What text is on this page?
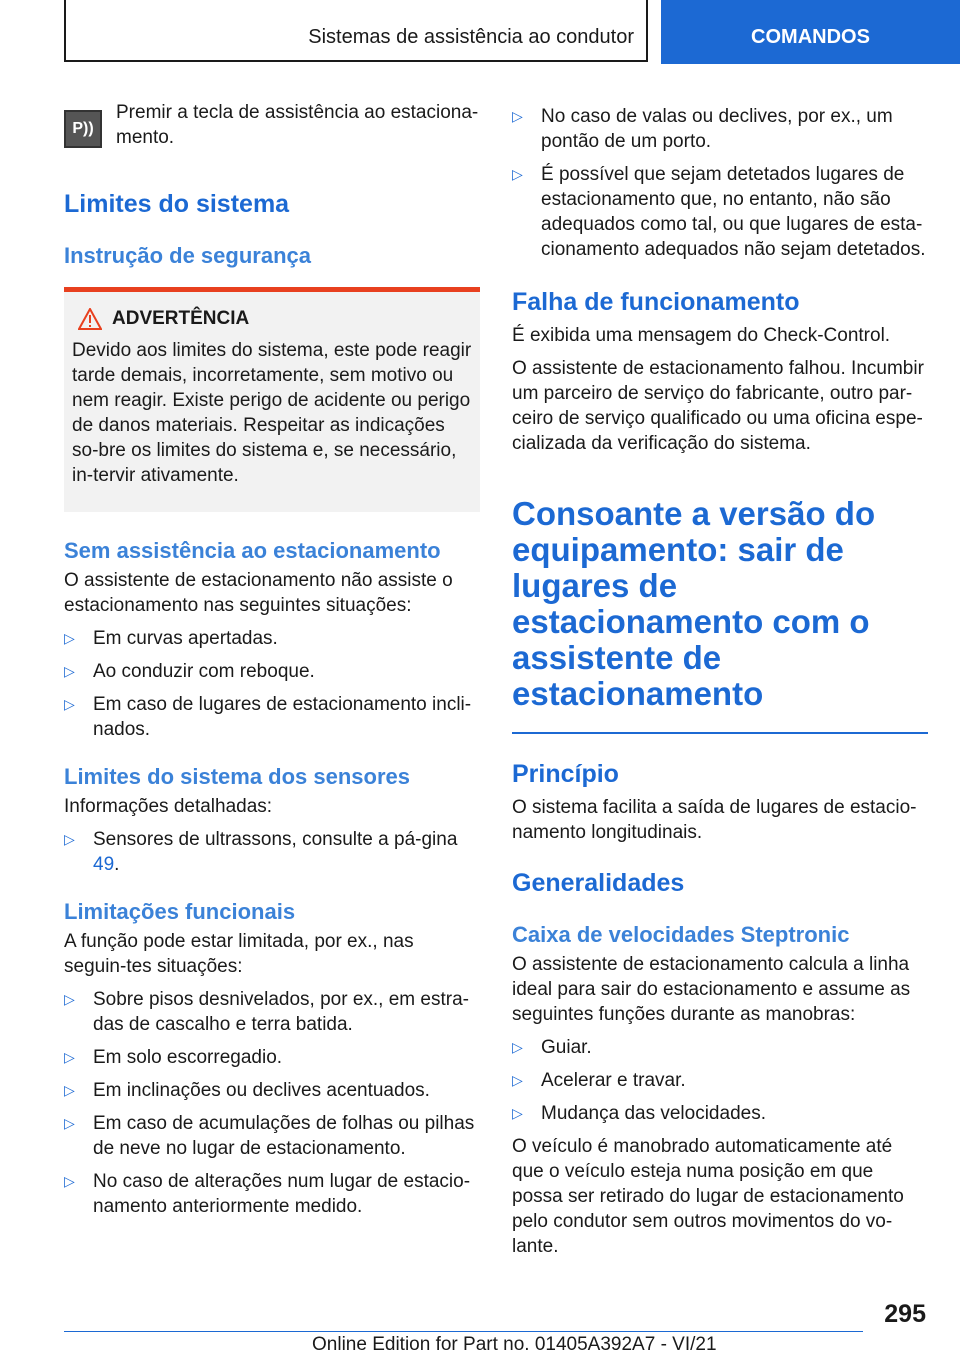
Sistemas de assistência ao condutor	COMANDOS
P))

Premir a tecla de assistência ao estaciona-mento.

Limites do sistema
Instrução de segurança
ADVERTÊNCIA

Devido aos limites do sistema, este pode reagir tarde demais, incorretamente, sem motivo ou nem reagir. Existe perigo de acidente ou perigo de danos materiais. Respeitar as indicações so-bre os limites do sistema e, se necessário, in-tervir ativamente.

Sem assistência ao estacionamento

O assistente de estacionamento não assiste o estacionamento nas seguintes situações:

▷ Em curvas apertadas.
▷ Ao conduzir com reboque.
▷ Em caso de lugares de estacionamento incli-nados.
Limites do sistema dos sensores

Informações detalhadas:

▷ Sensores de ultrassons, consulte a pá-gina 49.
Limitações funcionais

A função pode estar limitada, por ex., nas seguin-tes situações:

▷ Sobre pisos desnivelados, por ex., em estra-das de cascalho e terra batida.
▷ Em solo escorregadio.
▷ Em inclinações ou declives acentuados.
▷ Em caso de acumulações de folhas ou pilhas de neve no lugar de estacionamento.
▷ No caso de alterações num lugar de estacio-namento anteriormente medido.
▷ No caso de valas ou declives, por ex., um pontão de um porto.
▷ É possível que sejam detetados lugares de estacionamento que, no entanto, não são adequados como tal, ou que lugares de esta-cionamento adequados não sejam detetados.
Falha de funcionamento

É exibida uma mensagem do Check-Control.

O assistente de estacionamento falhou. Incumbir um parceiro de serviço do fabricante, outro par-ceiro de serviço qualificado ou uma oficina espe-cializada da verificação do sistema.

Consoante a versão do equipamento: sair de lugares de estacionamento com o assistente de estacionamento
Princípio

O sistema facilita a saída de lugares de estacio-namento longitudinais.

Generalidades
Caixa de velocidades Steptronic

O assistente de estacionamento calcula a linha ideal para sair do estacionamento e assume as seguintes funções durante as manobras:

▷ Guiar.
▷ Acelerar e travar.
▷ Mudança das velocidades.

O veículo é manobrado automaticamente até que o veículo esteja numa posição em que possa ser retirado do lugar de estacionamento pelo condutor sem outros movimentos do vo-lante.

295
Online Edition for Part no. 01405A392A7 - VI/21
